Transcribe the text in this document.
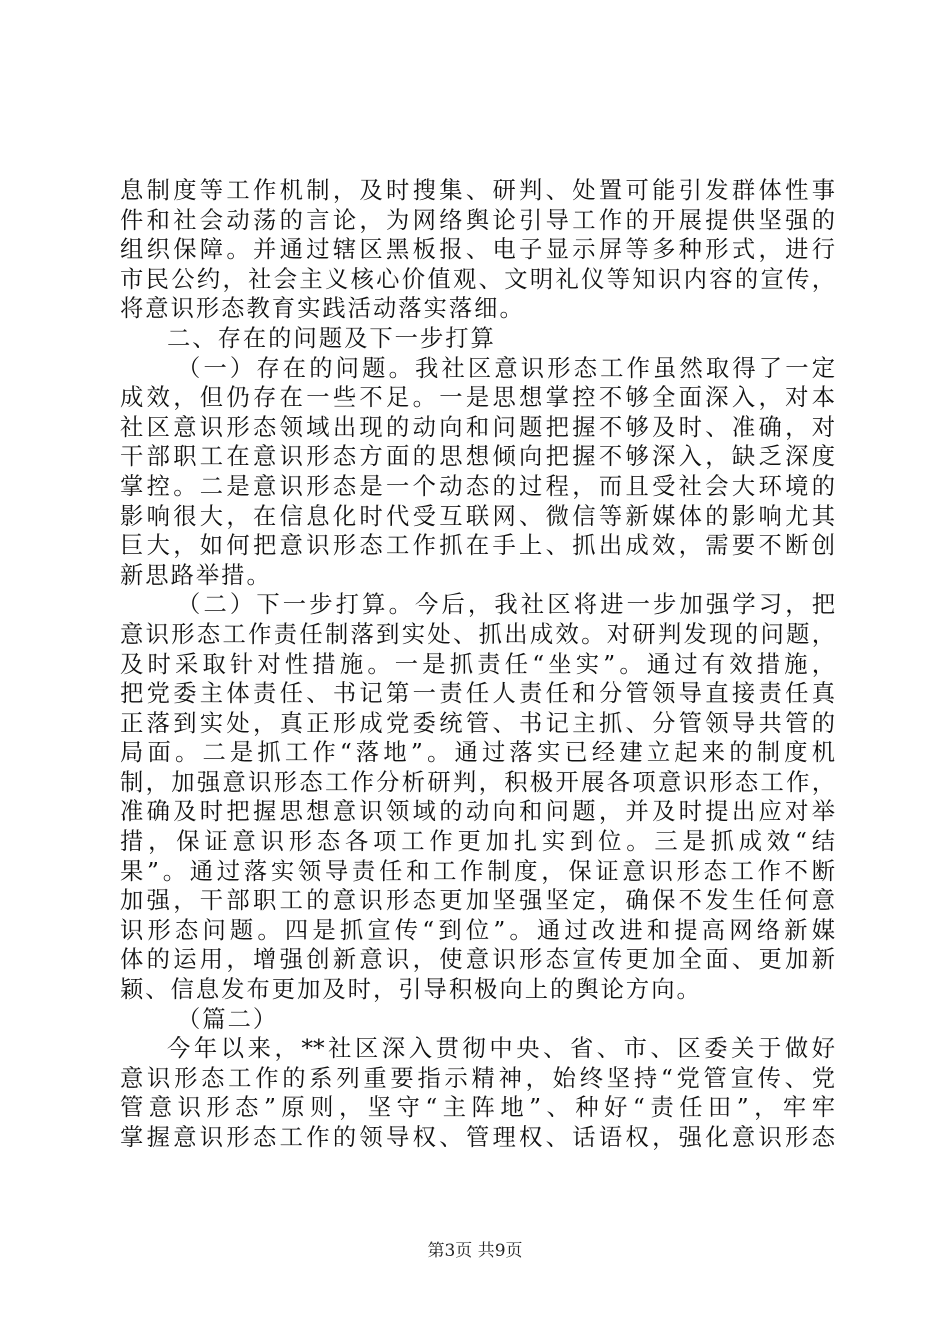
息制度等工作机制，及时搜集、研判、处置可能引发群体性事
件和社会动荡的言论，为网络舆论引导工作的开展提供坚强的
组织保障。并通过辖区黑板报、电子显示屏等多种形式，进行
市民公约，社会主义核心价值观、文明礼仪等知识内容的宣传，
将意识形态教育实践活动落实落细。
二、存在的问题及下一步打算
（一）存在的问题。我社区意识形态工作虽然取得了一定
成效，但仍存在一些不足。一是思想掌控不够全面深入，对本
社区意识形态领域出现的动向和问题把握不够及时、准确，对
干部职工在意识形态方面的思想倾向把握不够深入，缺乏深度
掌控。二是意识形态是一个动态的过程，而且受社会大环境的
影响很大，在信息化时代受互联网、微信等新媒体的影响尤其
巨大，如何把意识形态工作抓在手上、抓出成效，需要不断创
新思路举措。
（二）下一步打算。今后，我社区将进一步加强学习，把
意识形态工作责任制落到实处、抓出成效。对研判发现的问题，
及时采取针对性措施。一是抓责任“坐实”。通过有效措施，
把党委主体责任、书记第一责任人责任和分管领导直接责任真
正落到实处，真正形成党委统管、书记主抓、分管领导共管的
局面。二是抓工作“落地”。通过落实已经建立起来的制度机
制，加强意识形态工作分析研判，积极开展各项意识形态工作，
准确及时把握思想意识领域的动向和问题，并及时提出应对举
措，保证意识形态各项工作更加扎实到位。三是抓成效“结
果”。通过落实领导责任和工作制度，保证意识形态工作不断
加强，干部职工的意识形态更加坚强坚定，确保不发生任何意
识形态问题。四是抓宣传“到位”。通过改进和提高网络新媒
体的运用，增强创新意识，使意识形态宣传更加全面、更加新
颖、信息发布更加及时，引导积极向上的舆论方向。
（篇二）
今年以来，**社区深入贯彻中央、省、市、区委关于做好
意识形态工作的系列重要指示精神，始终坚持“党管宣传、党
管意识形态”原则，坚守“主阵地”、种好“责任田”，牢牢
掌握意识形态工作的领导权、管理权、话语权，强化意识形态
第3页 共9页
